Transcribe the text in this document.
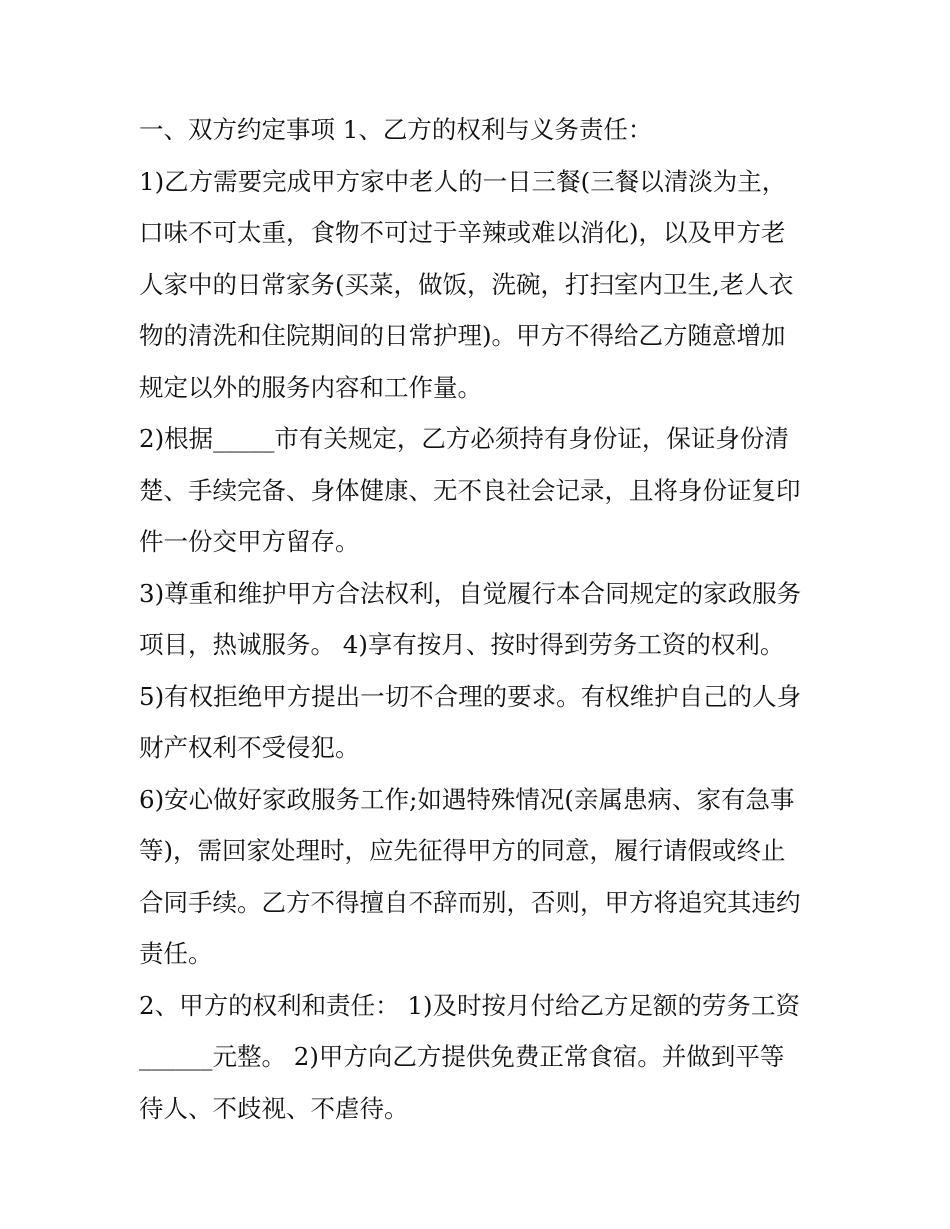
一、双方约定事项 1、乙方的权利与义务责任：

1)乙方需要完成甲方家中老人的一日三餐(三餐以清淡为主，

口味不可太重，食物不可过于辛辣或难以消化)，以及甲方老

人家中的日常家务(买菜，做饭，洗碗，打扫室内卫生,老人衣

物的清洗和住院期间的日常护理)。甲方不得给乙方随意增加

规定以外的服务内容和工作量。

2)根据_____市有关规定，乙方必须持有身份证，保证身份清

楚、手续完备、身体健康、无不良社会记录，且将身份证复印

件一份交甲方留存。

3)尊重和维护甲方合法权利，自觉履行本合同规定的家政服务

项目，热诚服务。 4)享有按月、按时得到劳务工资的权利。

5)有权拒绝甲方提出一切不合理的要求。有权维护自己的人身

财产权利不受侵犯。

6)安心做好家政服务工作;如遇特殊情况(亲属患病、家有急事

等)，需回家处理时，应先征得甲方的同意，履行请假或终止

合同手续。乙方不得擅自不辞而别，否则，甲方将追究其违约

责任。

2、甲方的权利和责任： 1)及时按月付给乙方足额的劳务工资

______元整。 2)甲方向乙方提供免费正常食宿。并做到平等

待人、不歧视、不虐待。
